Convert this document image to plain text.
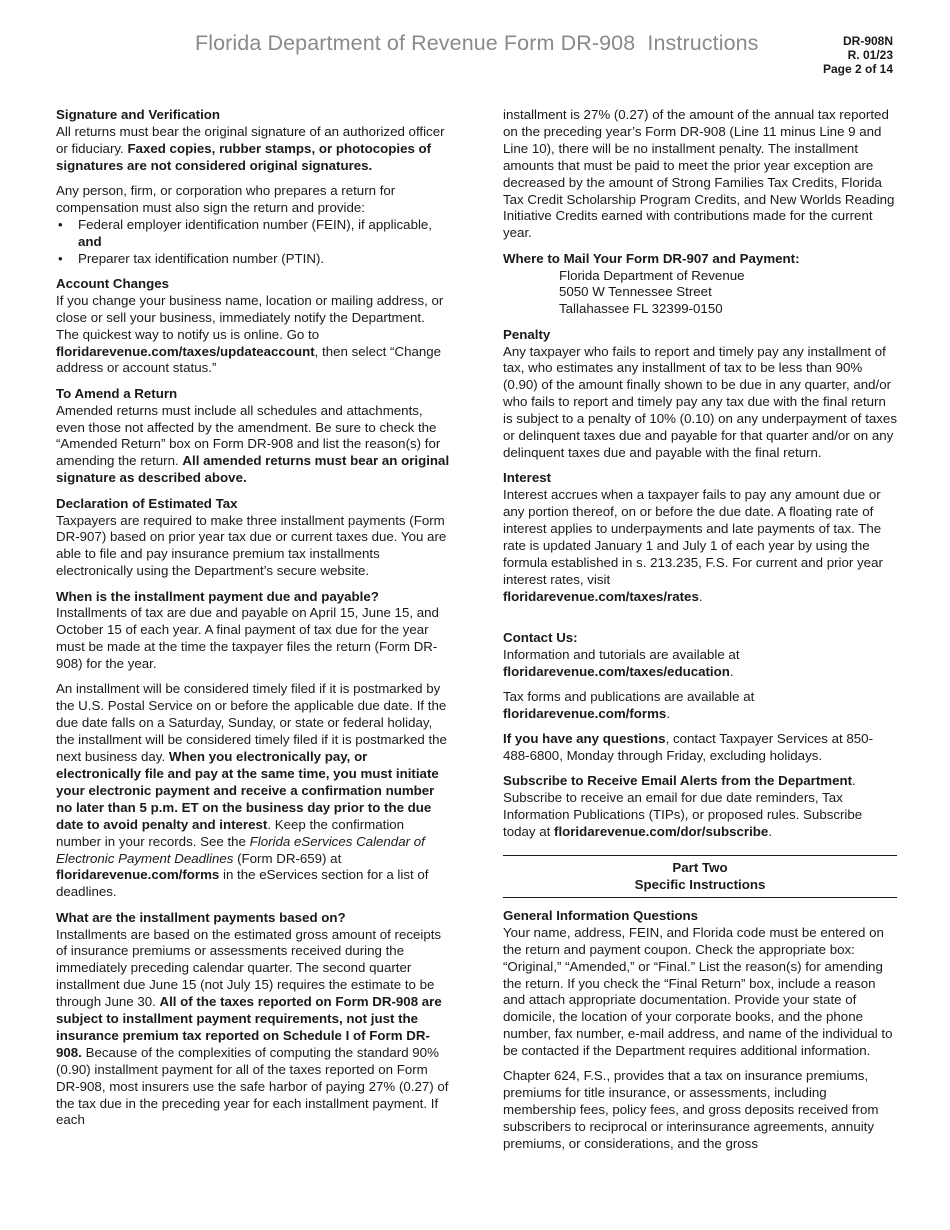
Florida Department of Revenue Form DR-908  Instructions	DR-908N
R. 01/23
Page 2 of 14
Signature and Verification

All returns must bear the original signature of an authorized officer or fiduciary. Faxed copies, rubber stamps, or photocopies of signatures are not considered original signatures.

Any person, firm, or corporation who prepares a return for compensation must also sign the return and provide:

• Federal employer identification number (FEIN), if applicable, and
• Preparer tax identification number (PTIN).
Account Changes

If you change your business name, location or mailing address, or close or sell your business, immediately notify the Department. The quickest way to notify us is online. Go to floridarevenue.com/taxes/updateaccount, then select “Change address or account status.”

To Amend a Return

Amended returns must include all schedules and attachments, even those not affected by the amendment. Be sure to check the “Amended Return” box on Form DR-908 and list the reason(s) for amending the return. All amended returns must bear an original signature as described above.

Declaration of Estimated Tax

Taxpayers are required to make three installment payments (Form DR-907) based on prior year tax due or current taxes due. You are able to file and pay insurance premium tax installments electronically using the Department’s secure website.

When is the installment payment due and payable?

Installments of tax are due and payable on April 15, June 15, and October 15 of each year. A final payment of tax due for the year must be made at the time the taxpayer files the return (Form DR-908) for the year.

An installment will be considered timely filed if it is postmarked by the U.S. Postal Service on or before the applicable due date. If the due date falls on a Saturday, Sunday, or state or federal holiday, the installment will be considered timely filed if it is postmarked the next business day. When you electronically pay, or electronically file and pay at the same time, you must initiate your electronic payment and receive a confirmation number no later than 5 p.m. ET on the business day prior to the due date to avoid penalty and interest. Keep the confirmation number in your records. See the Florida eServices Calendar of Electronic Payment Deadlines (Form DR-659) at floridarevenue.com/forms in the eServices section for a list of deadlines.

What are the installment payments based on?

Installments are based on the estimated gross amount of receipts of insurance premiums or assessments received during the immediately preceding calendar quarter. The second quarter installment due June 15 (not July 15) requires the estimate to be through June 30. All of the taxes reported on Form DR-908 are subject to installment payment requirements, not just the insurance premium tax reported on Schedule I of Form DR-908. Because of the complexities of computing the standard 90% (0.90) installment payment for all of the taxes reported on Form DR-908, most insurers use the safe harbor of paying 27% (0.27) of the tax due in the preceding year for each installment payment. If each

installment is 27% (0.27) of the amount of the annual tax reported on the preceding year’s Form DR-908 (Line 11 minus Line 9 and Line 10), there will be no installment penalty. The installment amounts that must be paid to meet the prior year exception are decreased by the amount of Strong Families Tax Credits, Florida Tax Credit Scholarship Program Credits, and New Worlds Reading Initiative Credits earned with contributions made for the current year.

Where to Mail Your Form DR-907 and Payment:
Florida Department of Revenue
5050 W Tennessee Street
Tallahassee FL 32399-0150
Penalty

Any taxpayer who fails to report and timely pay any installment of tax, who estimates any installment of tax to be less than 90% (0.90) of the amount finally shown to be due in any quarter, and/or who fails to report and timely pay any tax due with the final return is subject to a penalty of 10% (0.10) on any underpayment of taxes or delinquent taxes due and payable for that quarter and/or on any delinquent taxes due and payable with the final return.

Interest

Interest accrues when a taxpayer fails to pay any amount due or any portion thereof, on or before the due date. A floating rate of interest applies to underpayments and late payments of tax. The rate is updated January 1 and July 1 of each year by using the formula established in s. 213.235, F.S. For current and prior year interest rates, visit
floridarevenue.com/taxes/rates.

Contact Us:

Information and tutorials are available at
floridarevenue.com/taxes/education.

Tax forms and publications are available at
floridarevenue.com/forms.

If you have any questions, contact Taxpayer Services at 850-488-6800, Monday through Friday, excluding holidays.

Subscribe to Receive Email Alerts from the Department. Subscribe to receive an email for due date reminders, Tax Information Publications (TIPs), or proposed rules. Subscribe today at floridarevenue.com/dor/subscribe.

Part Two
Specific Instructions
General Information Questions

Your name, address, FEIN, and Florida code must be entered on the return and payment coupon. Check the appropriate box: “Original,” “Amended,” or “Final.” List the reason(s) for amending the return. If you check the “Final Return” box, include a reason and attach appropriate documentation. Provide your state of domicile, the location of your corporate books, and the phone number, fax number, e-mail address, and name of the individual to be contacted if the Department requires additional information.

Chapter 624, F.S., provides that a tax on insurance premiums, premiums for title insurance, or assessments, including membership fees, policy fees, and gross deposits received from subscribers to reciprocal or interinsurance agreements, annuity premiums, or considerations, and the gross
